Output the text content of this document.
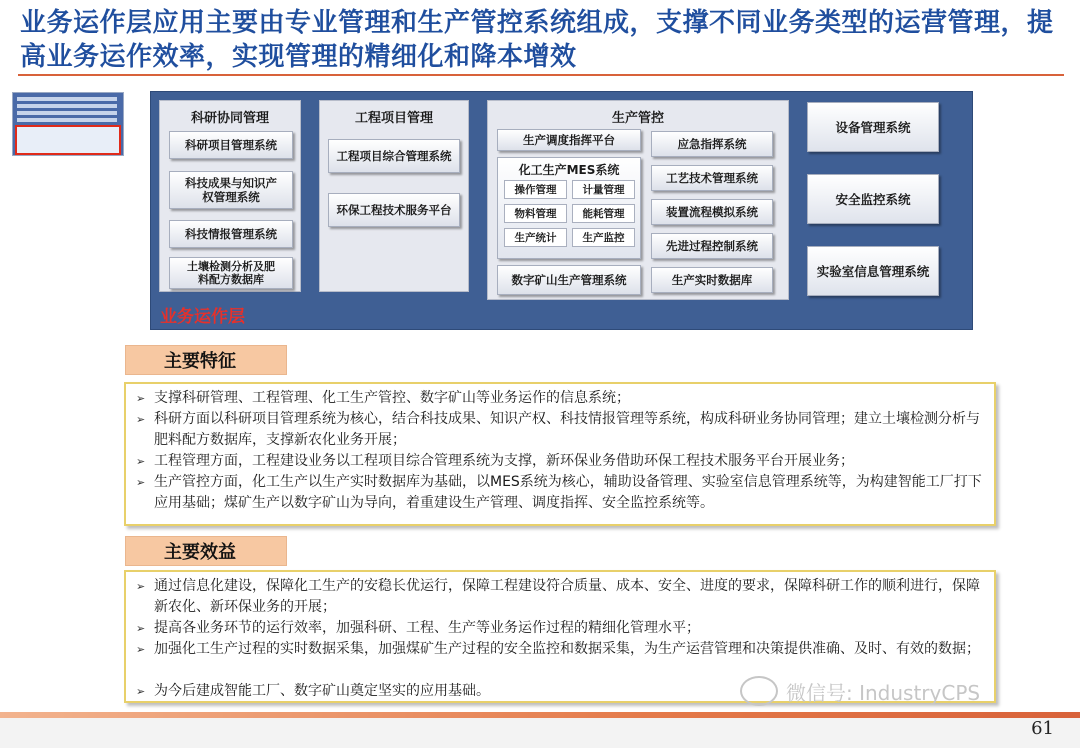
业务运作层应用主要由专业管理和生产管控系统组成，支撑不同业务类型的运营管理，提高业务运作效率，实现管理的精细化和降本增效
科研协同管理
科研项目管理系统
科技成果与知识产权管理系统
科技情报管理系统
土壤检测分析及肥料配方数据库
工程项目管理
工程项目综合管理系统
环保工程技术服务平台
生产管控
生产调度指挥平台
化工生产MES系统
操作管理	计量管理
物料管理	能耗管理
生产统计	生产监控
数字矿山生产管理系统
应急指挥系统
工艺技术管理系统
装置流程模拟系统
先进过程控制系统
生产实时数据库
设备管理系统
安全监控系统
实验室信息管理系统
业务运作层
主要特征
➢ 支撑科研管理、工程管理、化工生产管控、数字矿山等业务运作的信息系统；
➢ 科研方面以科研项目管理系统为核心，结合科技成果、知识产权、科技情报管理等系统，构成科研业务协同管理；建立土壤检测分析与肥料配方数据库，支撑新农化业务开展；
➢ 工程管理方面，工程建设业务以工程项目综合管理系统为支撑，新环保业务借助环保工程技术服务平台开展业务；
➢ 生产管控方面，化工生产以生产实时数据库为基础，以MES系统为核心，辅助设备管理、实验室信息管理系统等，为构建智能工厂打下应用基础；煤矿生产以数字矿山为导向，着重建设生产管理、调度指挥、安全监控系统等。
主要效益
➢ 通过信息化建设，保障化工生产的安稳长优运行，保障工程建设符合质量、成本、安全、进度的要求，保障科研工作的顺利进行，保障新农化、新环保业务的开展；
➢ 提高各业务环节的运行效率，加强科研、工程、生产等业务运作过程的精细化管理水平；
➢ 加强化工生产过程的实时数据采集，加强煤矿生产过程的安全监控和数据采集，为生产运营管理和决策提供准确、及时、有效的数据；
➢ 为今后建成智能工厂、数字矿山奠定坚实的应用基础。	微信号: IndustryCPS
61
